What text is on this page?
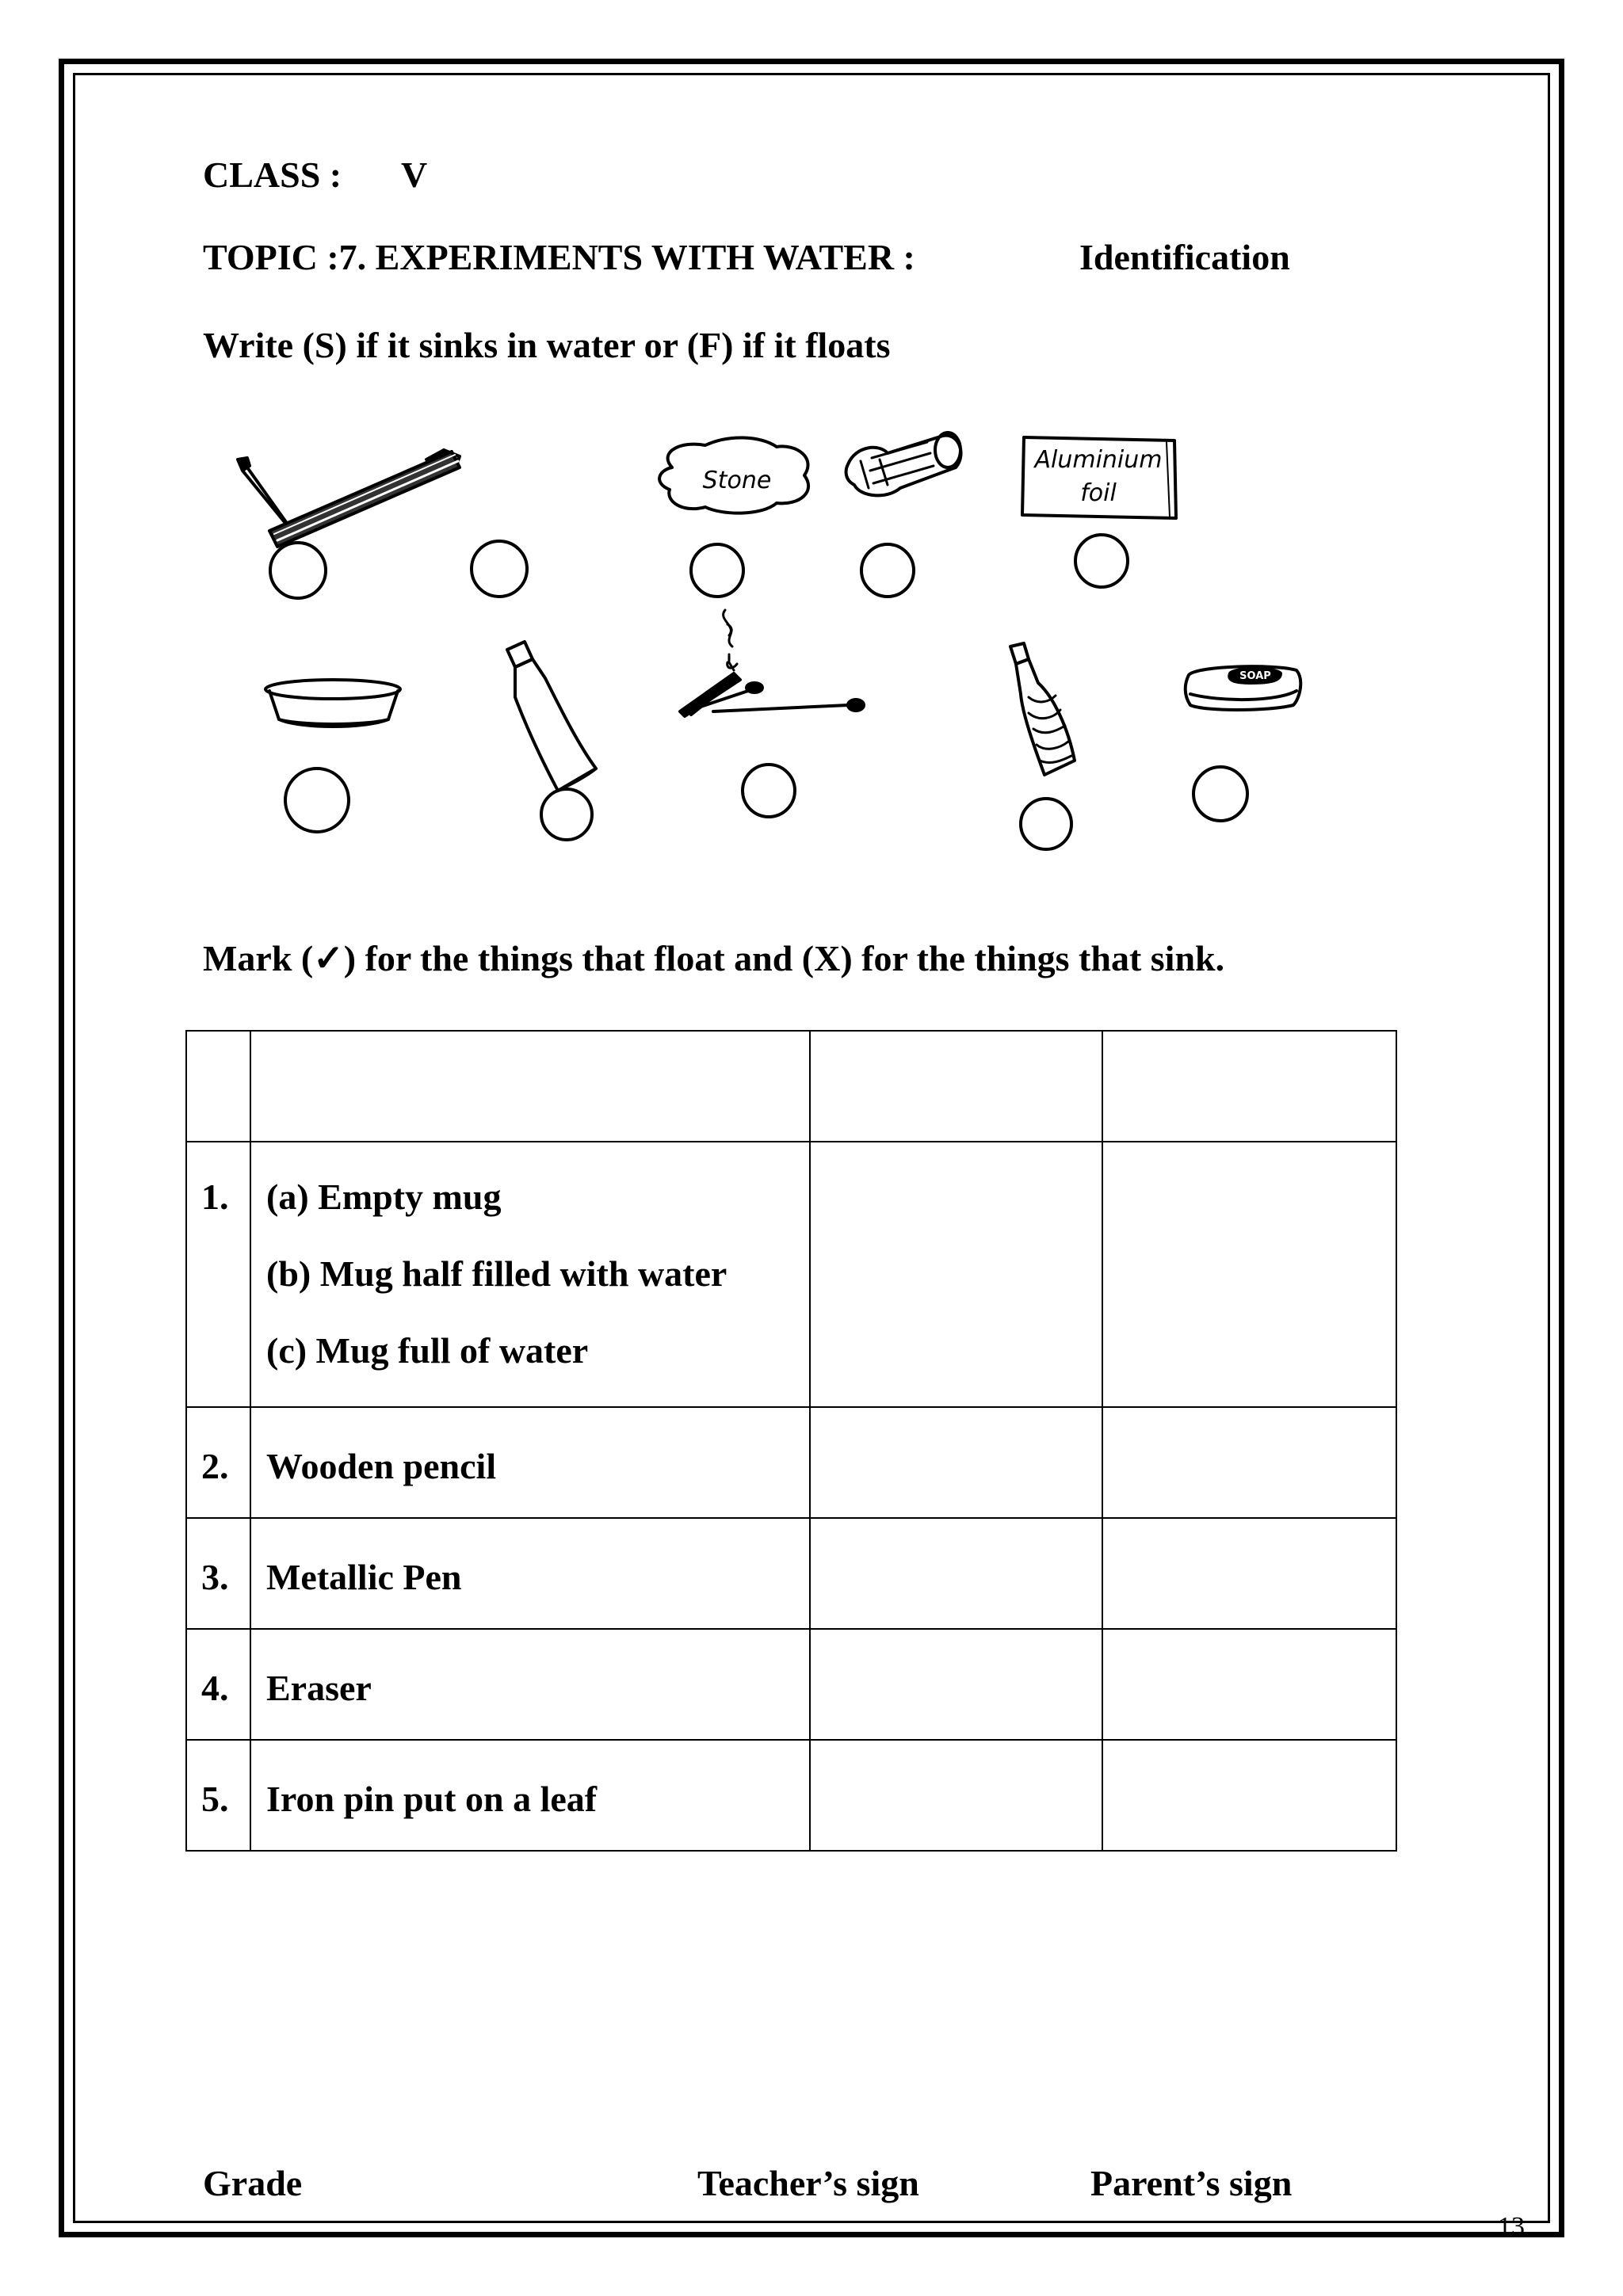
CLASS : V
TOPIC :7. EXPERIMENTS WITH WATER :	Identification
Write (S) if it sinks in water or (F) if it floats
Stone
Aluminium
foil
SOAP
Mark (✓) for the things that float and (X) for the things that sink.
1. (a) Empty mug
(b) Mug half filled with water
(c) Mug full of water
2. Wooden pencil
3. Metallic Pen
4. Eraser
5. Iron pin put on a leaf
Grade	Teacher’s sign	Parent’s sign
13
